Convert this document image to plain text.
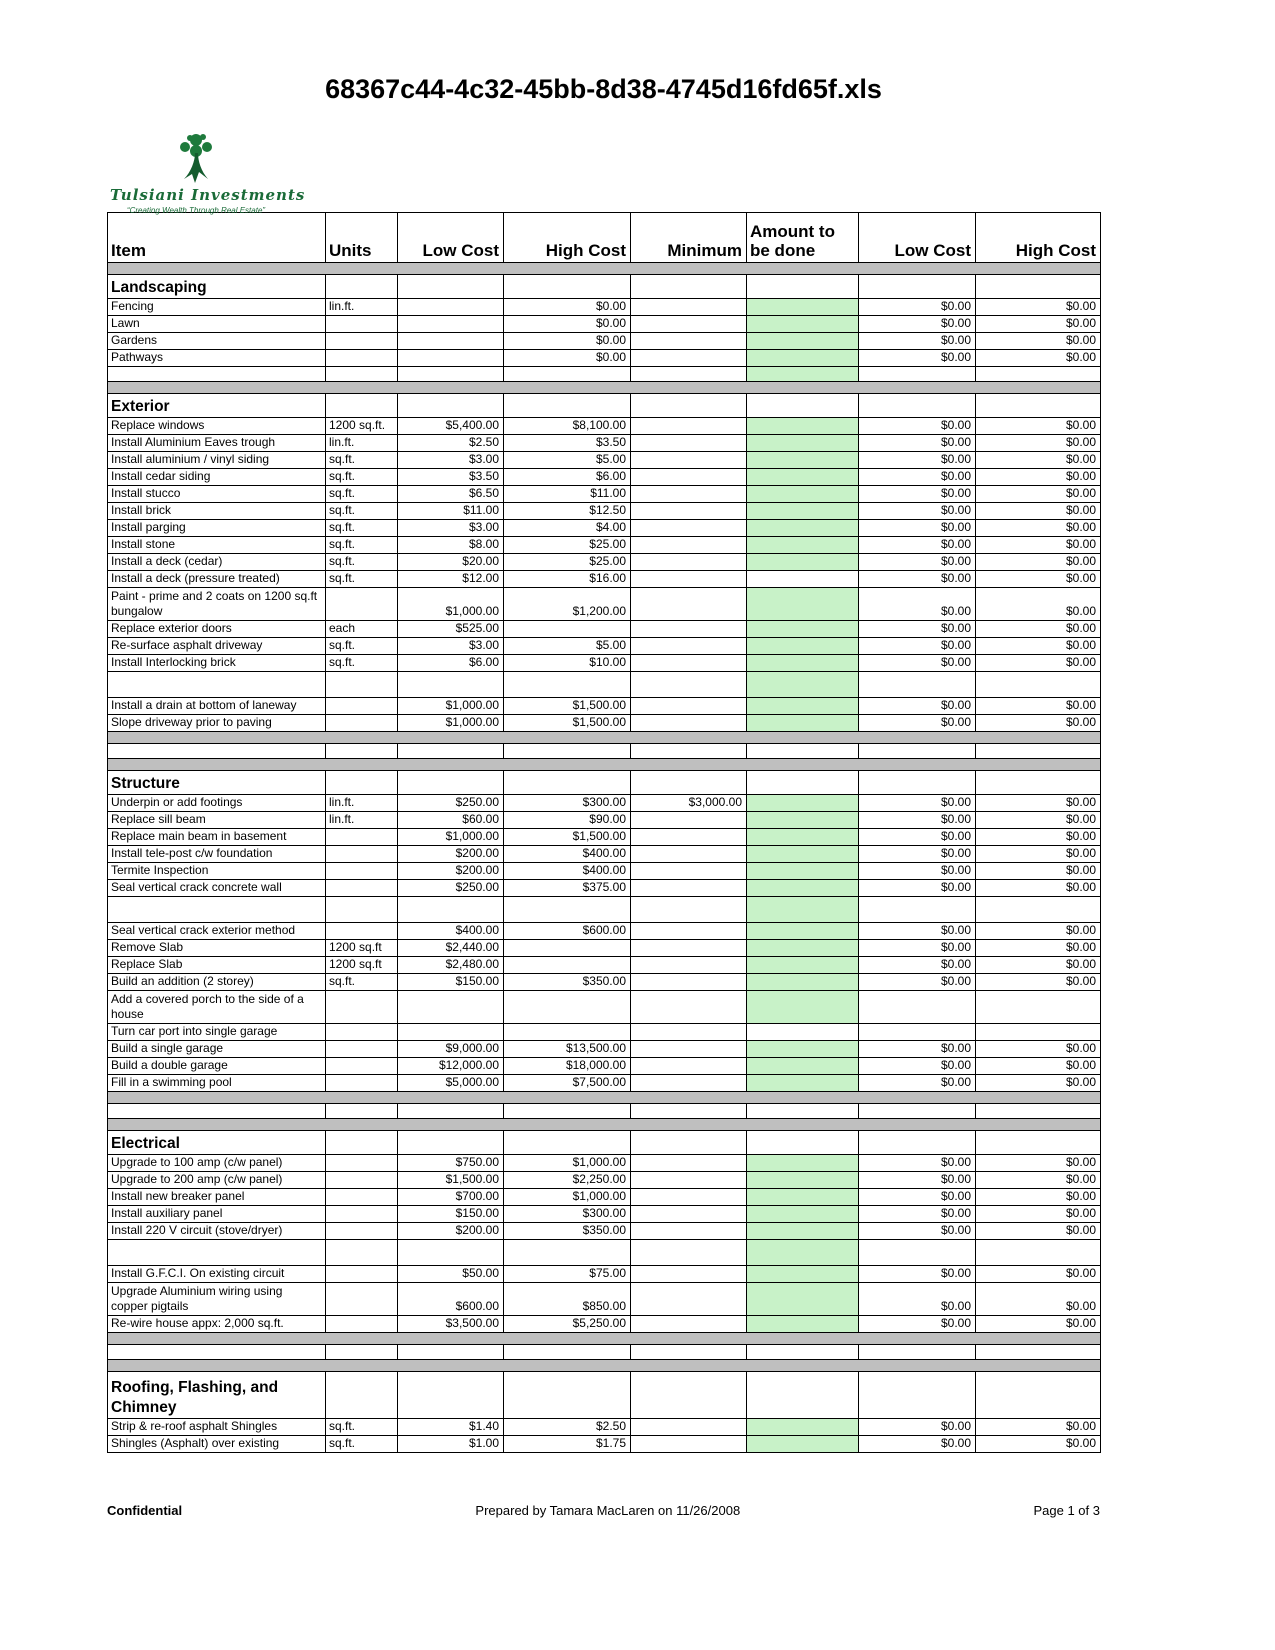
68367c44-4c32-45bb-8d38-4745d16fd65f.xls
Tulsiani Investments
“Creating Wealth Through Real Estate”
Item	Units	Low Cost	High Cost	Minimum	Amount to be done	Low Cost	High Cost

Landscaping							
Fencing	lin.ft.		$0.00			$0.00	$0.00
Lawn			$0.00			$0.00	$0.00
Gardens			$0.00			$0.00	$0.00
Pathways			$0.00			$0.00	$0.00

Exterior							
Replace windows	1200 sq.ft.	$5,400.00	$8,100.00			$0.00	$0.00
Install Aluminium Eaves trough	lin.ft.	$2.50	$3.50			$0.00	$0.00
Install aluminium / vinyl siding	sq.ft.	$3.00	$5.00			$0.00	$0.00
Install cedar siding	sq.ft.	$3.50	$6.00			$0.00	$0.00
Install stucco	sq.ft.	$6.50	$11.00			$0.00	$0.00
Install brick	sq.ft.	$11.00	$12.50			$0.00	$0.00
Install parging	sq.ft.	$3.00	$4.00			$0.00	$0.00
Install stone	sq.ft.	$8.00	$25.00			$0.00	$0.00
Install a deck (cedar)	sq.ft.	$20.00	$25.00			$0.00	$0.00
Install a deck (pressure treated)	sq.ft.	$12.00	$16.00			$0.00	$0.00
Paint - prime and 2 coats on 1200 sq.ft bungalow		$1,000.00	$1,200.00			$0.00	$0.00
Replace exterior doors	each	$525.00				$0.00	$0.00
Re-surface asphalt driveway	sq.ft.	$3.00	$5.00			$0.00	$0.00
Install Interlocking brick	sq.ft.	$6.00	$10.00			$0.00	$0.00

Install a drain at bottom of laneway		$1,000.00	$1,500.00			$0.00	$0.00
Slope driveway prior to paving		$1,000.00	$1,500.00			$0.00	$0.00

Structure							
Underpin or add footings	lin.ft.	$250.00	$300.00	$3,000.00		$0.00	$0.00
Replace sill beam	lin.ft.	$60.00	$90.00			$0.00	$0.00
Replace main beam in basement		$1,000.00	$1,500.00			$0.00	$0.00
Install tele-post c/w foundation		$200.00	$400.00			$0.00	$0.00
Termite Inspection		$200.00	$400.00			$0.00	$0.00
Seal vertical crack concrete wall		$250.00	$375.00			$0.00	$0.00

Seal vertical crack exterior method		$400.00	$600.00			$0.00	$0.00
Remove Slab	1200 sq.ft	$2,440.00				$0.00	$0.00
Replace Slab	1200 sq.ft	$2,480.00				$0.00	$0.00
Build an addition (2 storey)	sq.ft.	$150.00	$350.00			$0.00	$0.00
Add a covered porch to the side of a house							
Turn car port into single garage							
Build a single garage		$9,000.00	$13,500.00			$0.00	$0.00
Build a double garage		$12,000.00	$18,000.00			$0.00	$0.00
Fill in a swimming pool		$5,000.00	$7,500.00			$0.00	$0.00

Electrical							
Upgrade to 100 amp (c/w panel)		$750.00	$1,000.00			$0.00	$0.00
Upgrade to 200 amp (c/w panel)		$1,500.00	$2,250.00			$0.00	$0.00
Install new breaker panel		$700.00	$1,000.00			$0.00	$0.00
Install auxiliary panel		$150.00	$300.00			$0.00	$0.00
Install 220 V circuit (stove/dryer)		$200.00	$350.00			$0.00	$0.00

Install G.F.C.I. On existing circuit		$50.00	$75.00			$0.00	$0.00
Upgrade Aluminium wiring using copper pigtails		$600.00	$850.00			$0.00	$0.00
Re-wire house appx: 2,000 sq.ft.		$3,500.00	$5,250.00			$0.00	$0.00

Roofing, Flashing, and Chimney							
Strip & re-roof asphalt Shingles	sq.ft.	$1.40	$2.50			$0.00	$0.00
Shingles (Asphalt) over existing	sq.ft.	$1.00	$1.75			$0.00	$0.00
Confidential	Prepared by Tamara MacLaren on 11/26/2008	Page 1 of 3
